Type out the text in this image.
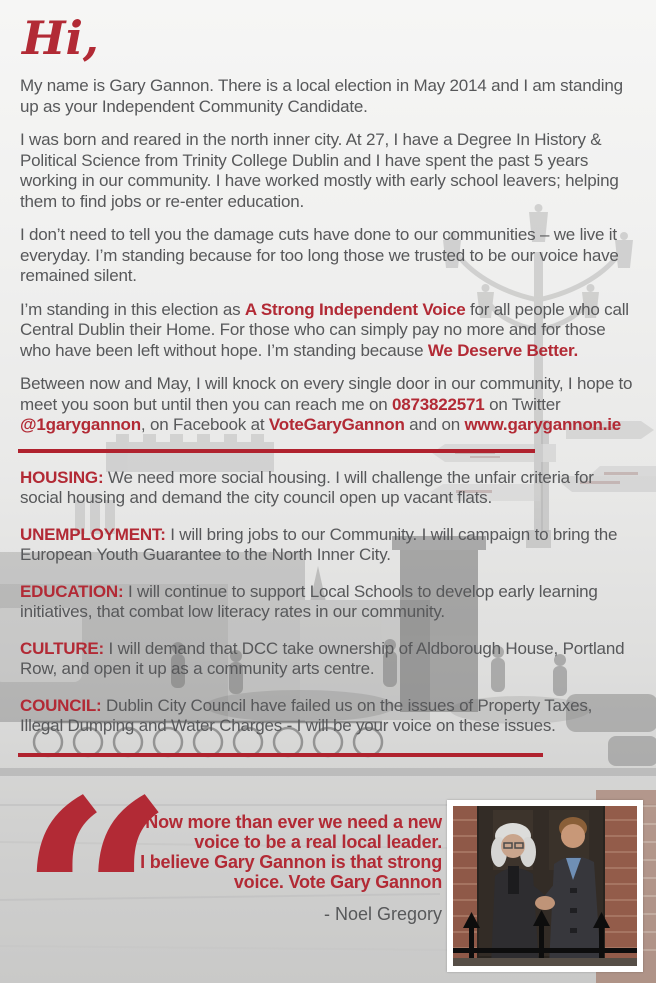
Hi,

My name is Gary Gannon. There is a local election in May 2014 and I am standing up as your Independent Community Candidate.

I was born and reared in the north inner city. At 27, I have a Degree In History & Political Science from Trinity College Dublin and I have spent the past 5 years working in our community. I have worked mostly with early school leavers; helping them to find jobs or re-enter education.

I don’t need to tell you the damage cuts have done to our communities – we live it everyday. I’m standing because for too long those we trusted to be our voice have remained silent.

I’m standing in this election as A Strong Independent Voice for all people who call Central Dublin their Home. For those who can simply pay no more and for those who have been left without hope. I’m standing because We Deserve Better.

Between now and May, I will knock on every single door in our community, I hope to meet you soon but until then you can reach me on 0873822571 on Twitter @1garygannon, on Facebook at VoteGaryGannon and on www.garygannon.ie

HOUSING: We need more social housing. I will challenge the unfair criteria for social housing and demand the city council open up vacant flats.

UNEMPLOYMENT: I will bring jobs to our Community. I will campaign to bring the European Youth Guarantee to the North Inner City.

EDUCATION: I will continue to support Local Schools to develop early learning initiatives, that combat low literacy rates in our community.

CULTURE: I will demand that DCC take ownership of Aldborough House, Portland Row, and open it up as a community arts centre.

COUNCIL: Dublin City Council have failed us on the issues of Property Taxes, Illegal Dumping and Water Charges - I will be your voice on these issues.

“
Now more than ever we need a new
voice to be a real local leader.
I believe Gary Gannon is that strong
voice. Vote Gary Gannon
- Noel Gregory
